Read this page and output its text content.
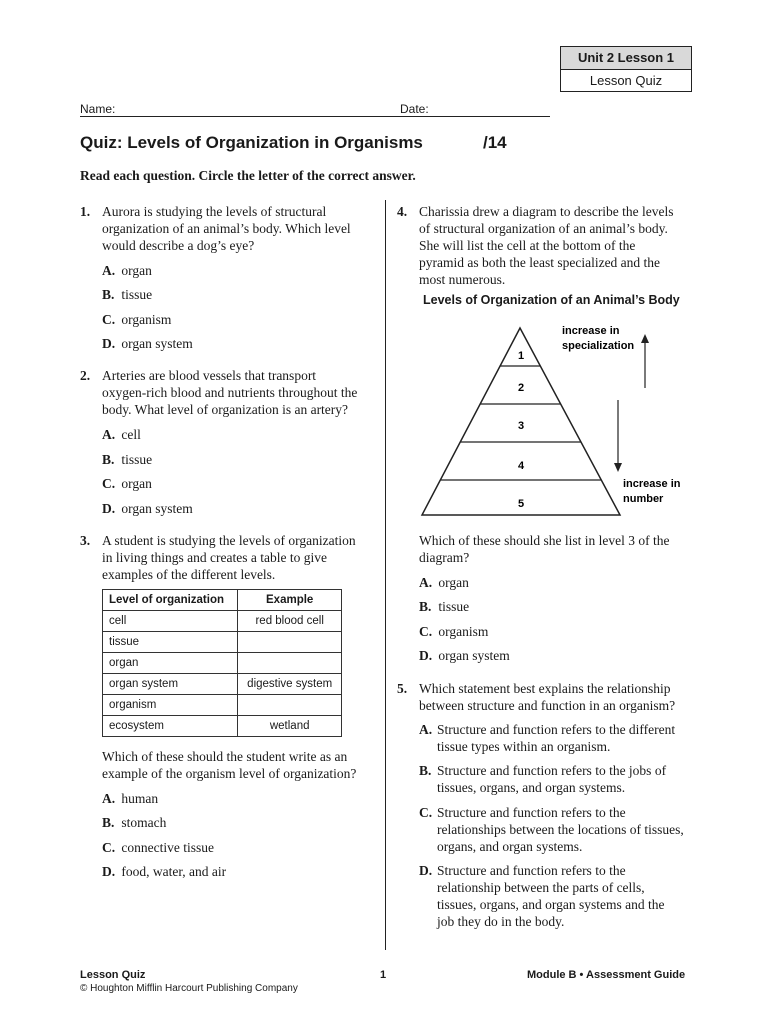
Unit 2 Lesson 1
Lesson Quiz
Name:	Date:
Quiz: Levels of Organization in Organisms	/14
Read each question. Circle the letter of the correct answer.
1. Aurora is studying the levels of structural
organization of an animal’s body. Which level
would describe a dog’s eye?
A. organ
B. tissue
C. organism
D. organ system
2. Arteries are blood vessels that transport
oxygen-rich blood and nutrients throughout the
body. What level of organization is an artery?
A. cell
B. tissue
C. organ
D. organ system
3. A student is studying the levels of organization
in living things and creates a table to give
examples of the different levels.
Level of organization	Example
cell	red blood cell
tissue	
organ	
organ system	digestive system
organism	
ecosystem	wetland
Which of these should the student write as an
example of the organism level of organization?
A. human
B. stomach
C. connective tissue
D. food, water, and air
4. Charissia drew a diagram to describe the levels
of structural organization of an animal’s body.
She will list the cell at the bottom of the
pyramid as both the least specialized and the
most numerous.
Levels of Organization of an Animal’s Body
1
2
3
4
5
increase in
specialization
increase in
number
Which of these should she list in level 3 of the
diagram?
A. organ
B. tissue
C. organism
D. organ system
5. Which statement best explains the relationship
between structure and function in an organism?
A. Structure and function refers to the different
tissue types within an organism.
B. Structure and function refers to the jobs of
tissues, organs, and organ systems.
C. Structure and function refers to the
relationships between the locations of tissues,
organs, and organ systems.
D. Structure and function refers to the
relationship between the parts of cells,
tissues, organs, and organ systems and the
job they do in the body.
Lesson Quiz
© Houghton Mifflin Harcourt Publishing Company
1	Module B • Assessment Guide
